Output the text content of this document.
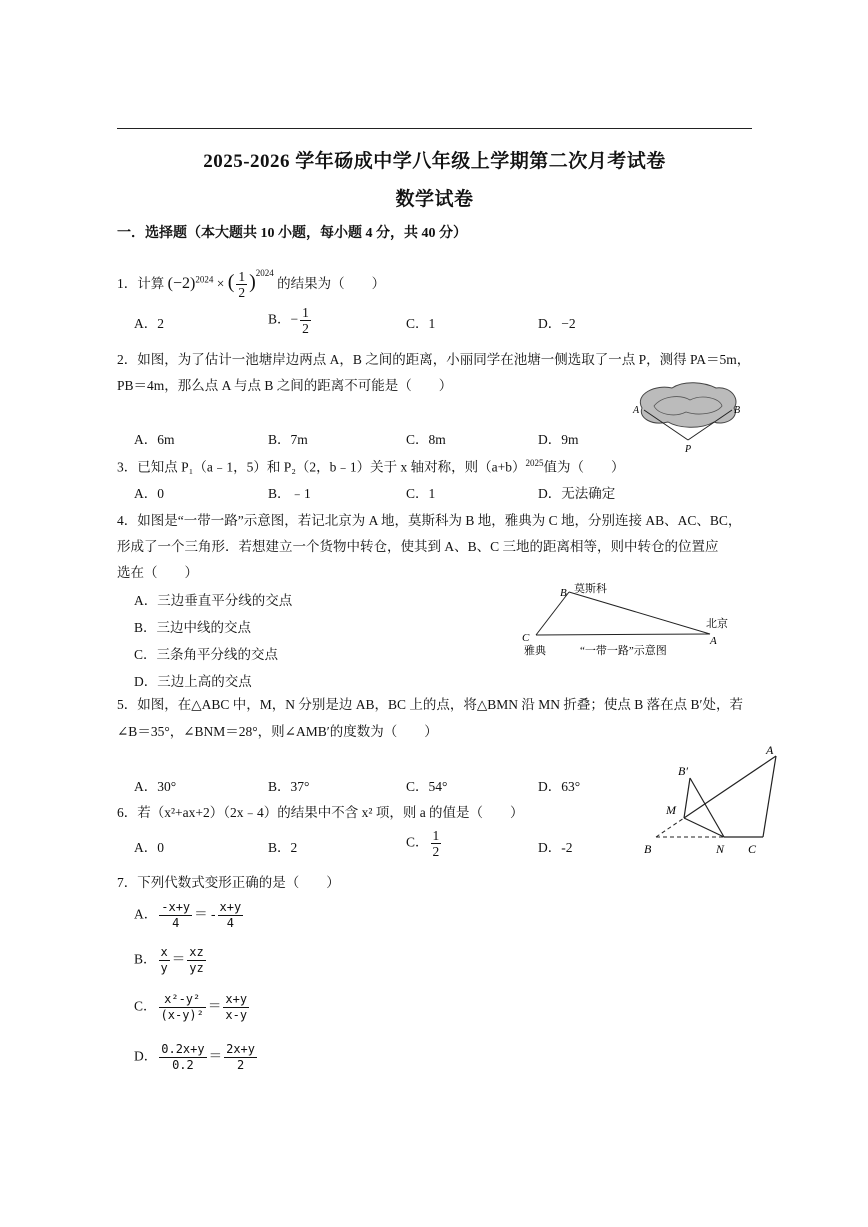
2025-2026 学年砀成中学八年级上学期第二次月考试卷
数学试卷
一．选择题（本大题共 10 小题，每小题 4 分，共 40 分）
1．计算 $(-2)^{2024}$ × ( $\frac{1}{2} )^{2024}$ 的结果为（　　）
A．2	B．− $\frac{1}{2}$	C．1	D．−2
2．如图，为了估计一池塘岸边两点 A，B 之间的距离，小丽同学在池塘一侧选取了一点 P，测得 PA＝5m，
PB＝4m，那么点 A 与点 B 之间的距离不可能是（　　）
A．6m	B．7m	C．8m	D．9m
A	B
P
3．已知点 P₁（a﹣1，5）和 P₂（2，b﹣1）关于 x 轴对称，则$(a+b)^{2025}$值为（　　）
A．0	B．﹣1	C．1	D．无法确定
4．如图是“一带一路”示意图，若记北京为 A 地，莫斯科为 B 地，雅典为 C 地，分别连接 AB、AC、BC，
形成了一个三角形．若想建立一个货物中转仓，使其到 A、B、C 三地的距离相等，则中转仓的位置应
选在（　　）
A．三边垂直平分线的交点
B．三边中线的交点
C．三条角平分线的交点
D．三边上高的交点
B 莫斯科
C
北京
A
雅典	“一带一路”示意图
5．如图，在△ABC 中，M，N 分别是边 AB，BC 上的点，将△BMN 沿 MN 折叠；使点 B 落在点 B′处，若
∠B＝35°，∠BNM＝28°，则∠AMB′的度数为（　　）
A．30°	B．37°	C．54°	D．63°
A
B′
M
B	N C
6．若（x²+ax+2）（2x﹣4）的结果中不含 x² 项，则 a 的值是（　　）
A．0	B．2	C． $\frac{1}{2}$	D．-2
7．下列代数式变形正确的是（　　）
A． $\frac{-x+y}{4}$ ＝ - $\frac{x+y}{4}$
B． $\frac{x}{y} = \frac{xz}{yz}$
C． $\frac{\text{x²-y²}}{\text{(x-y)²}} = \frac{x+y}{x-y}$
D． $\frac{0.2x+y}{0.2} = \frac{2x+y}{2}$
